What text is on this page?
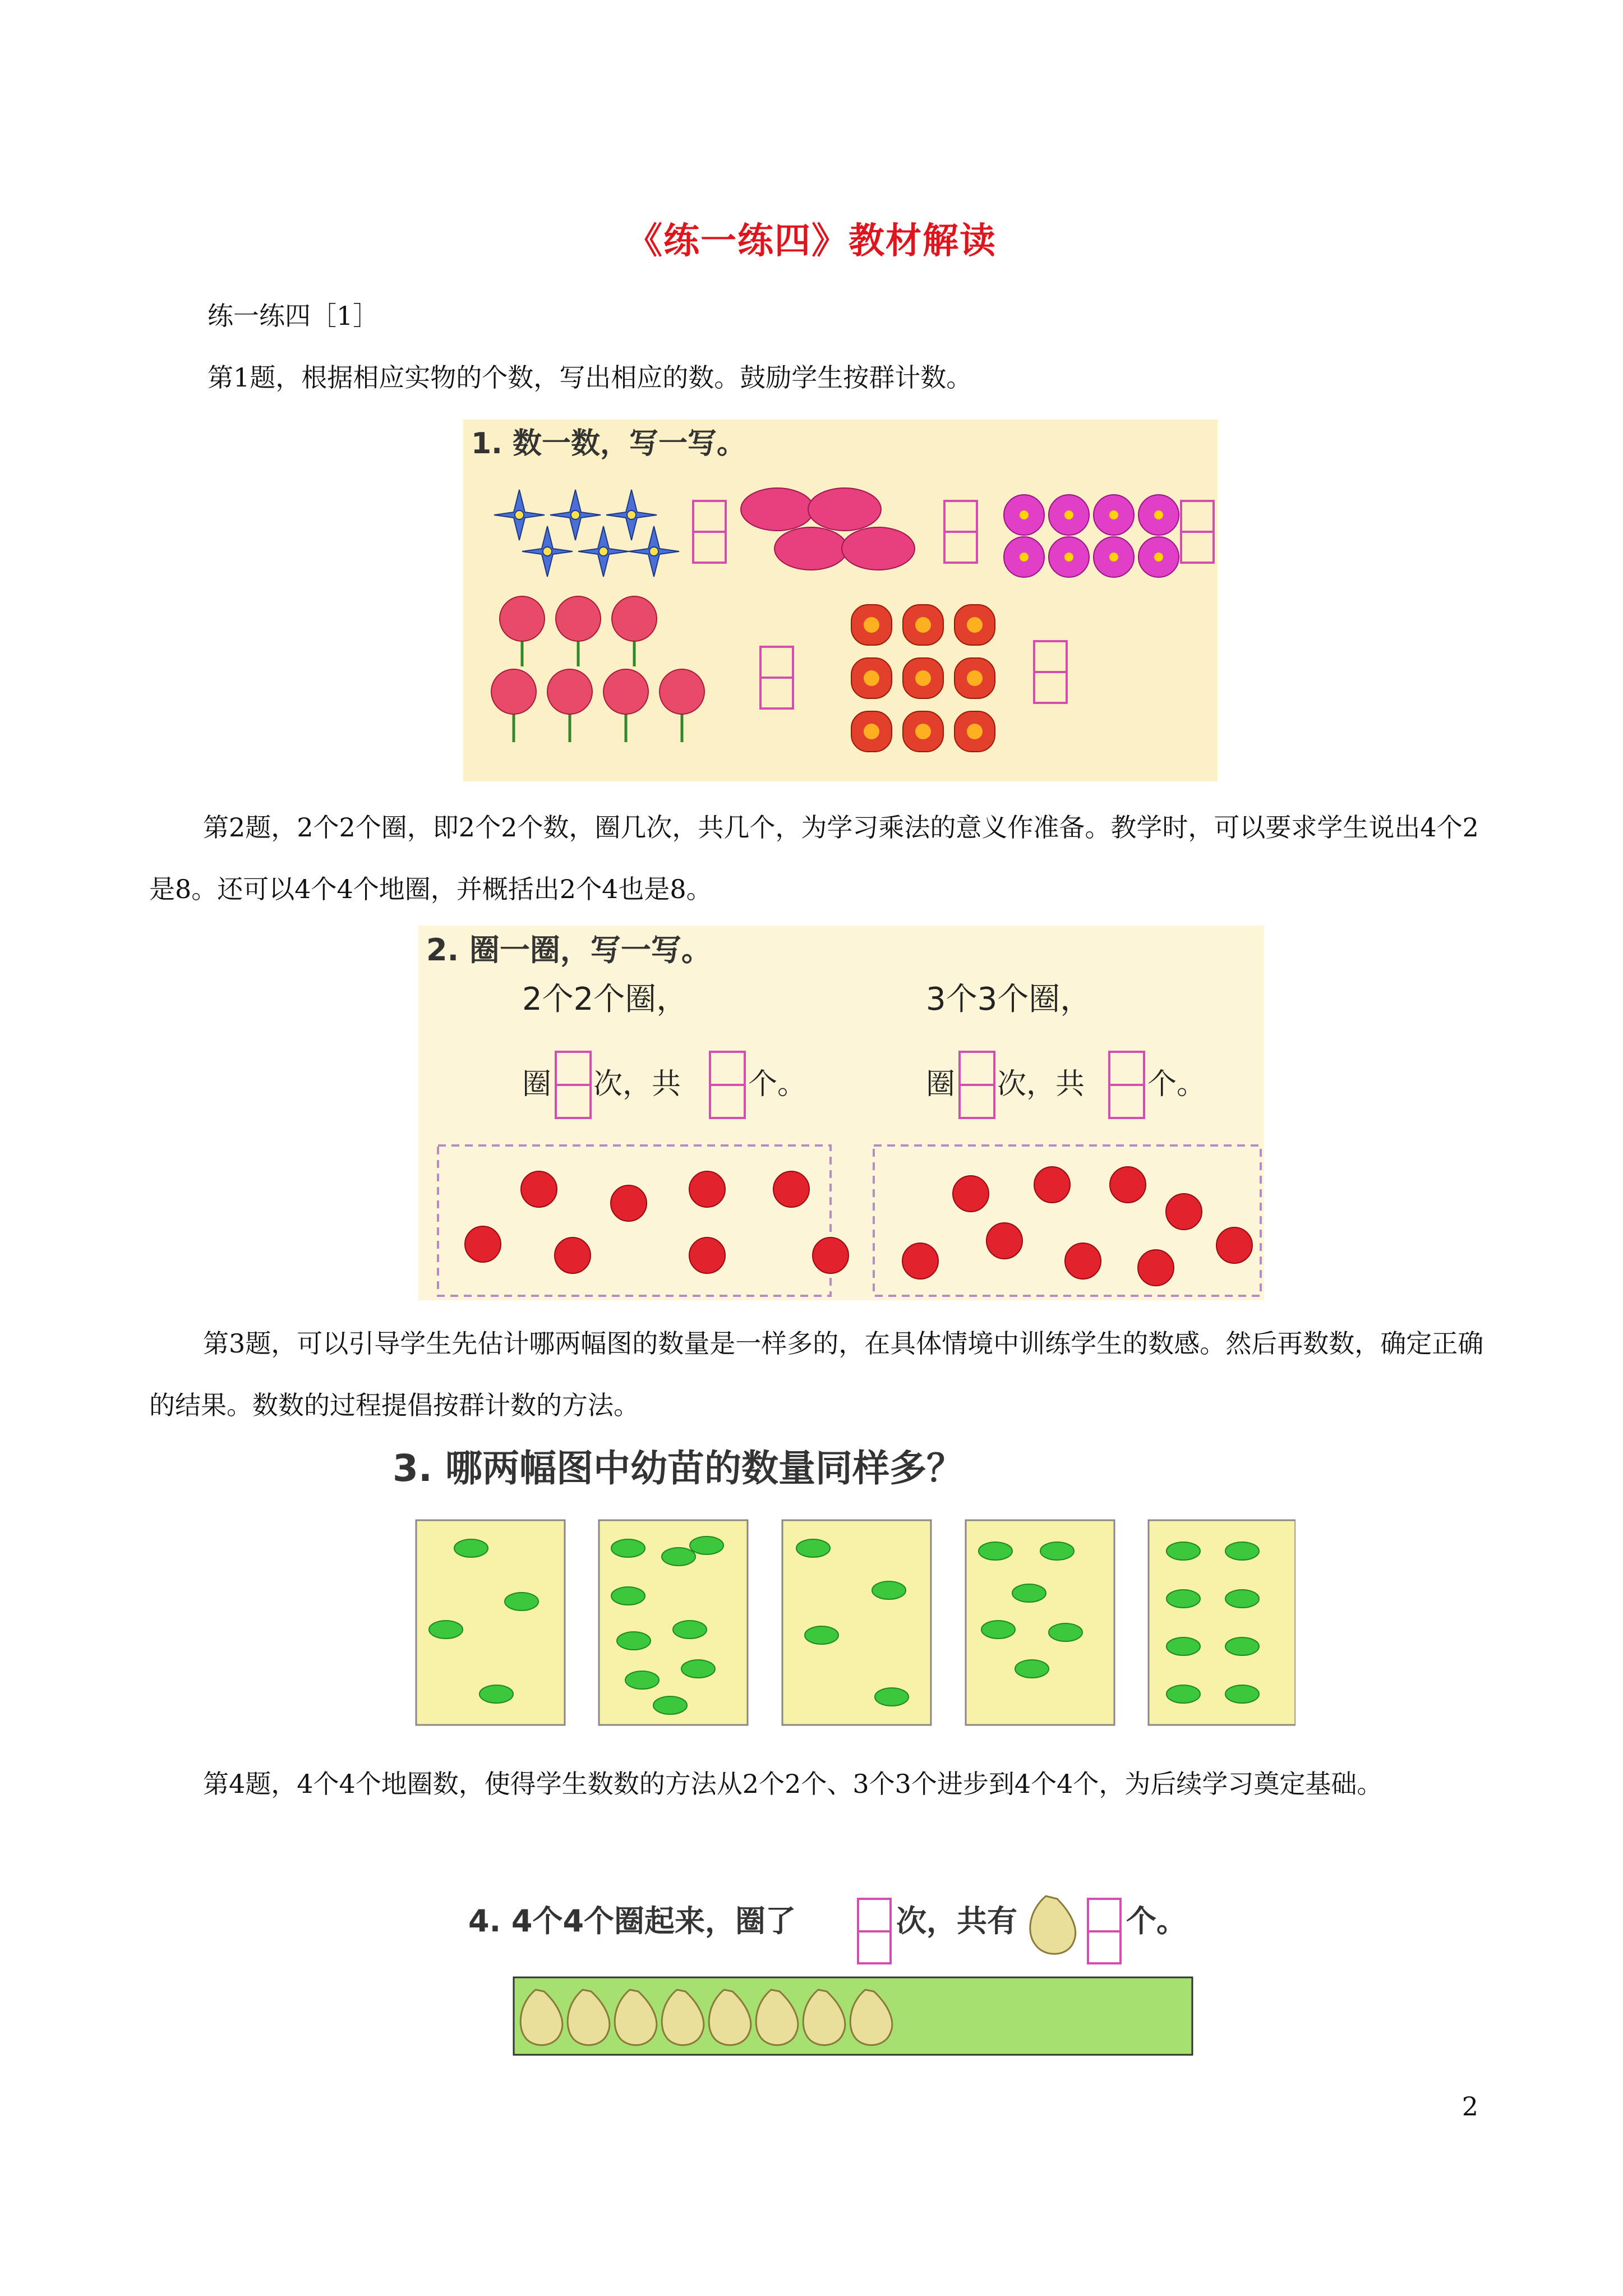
《练一练四》教材解读

练一练四［1］

第1题，根据相应实物的个数，写出相应的数。鼓励学生按群计数。

1. 数一数，写一写。

第2题，2个2个圈，即2个2个数，圈几次，共几个，为学习乘法的意义作准备。教学时，可以要求学生说出4个2是8。还可以4个4个地圈，并概括出2个4也是8。

2. 圈一圈，写一写。
2个2个圈，	3个3个圈，
圈 次，共 个。	圈 次，共 个。

第3题，可以引导学生先估计哪两幅图的数量是一样多的，在具体情境中训练学生的数感。然后再数数，确定正确的结果。数数的过程提倡按群计数的方法。

3. 哪两幅图中幼苗的数量同样多？

第4题，4个4个地圈数，使得学生数数的方法从2个2个、3个3个进步到4个4个，为后续学习奠定基础。

4. 4个4个圈起来，圈了	次，共有	个。
2
